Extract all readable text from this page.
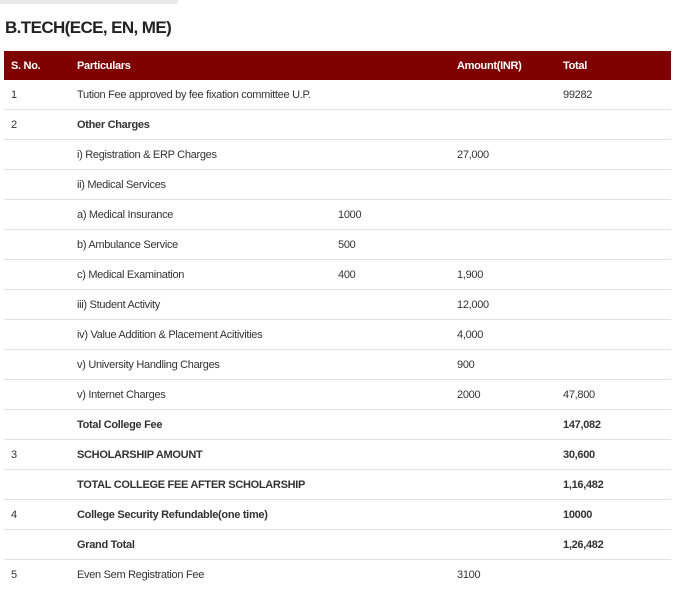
B.TECH(ECE, EN, ME)
S. No.	Particulars		Amount(INR)	Total
1	Tution Fee approved by fee fixation committee U.P.			99282
2	Other Charges			
	i) Registration & ERP Charges		27,000	
	ii) Medical Services			
	a) Medical Insurance	1000		
	b) Ambulance Service	500		
	c) Medical Examination	400	1,900	
	iii) Student Activity		12,000	
	iv) Value Addition & Placement Acitivities		4,000	
	v) University Handling Charges		900	
	v) Internet Charges		2000	47,800
	Total College Fee			147,082
3	SCHOLARSHIP AMOUNT			30,600
	TOTAL COLLEGE FEE AFTER SCHOLARSHIP			1,16,482
4	College Security Refundable(one time)			10000
	Grand Total			1,26,482
5	Even Sem Registration Fee		3100	
